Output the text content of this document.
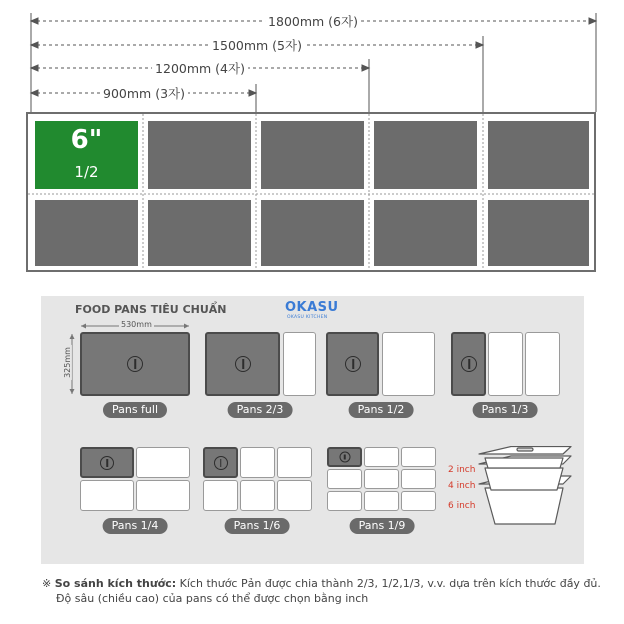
1800mm (6자)
1500mm (5자)
1200mm (4자)
900mm (3자)
6"
1/2
FOOD PANS TIÊU CHUẨN	OKASU
OKASU KITCHEN
530mm
325mm
Pans full	Pans 2/3	Pans 1/2	Pans 1/3
Pans 1/4	Pans 1/6	Pans 1/9
2 inch
4 inch
6 inch
※ So sánh kích thước: Kích thước Pản được chia thành 2/3, 1/2,1/3, v.v. dựa trên kích thước đầy đủ.
Độ sâu (chiều cao) của pans có thể được chọn bằng inch
